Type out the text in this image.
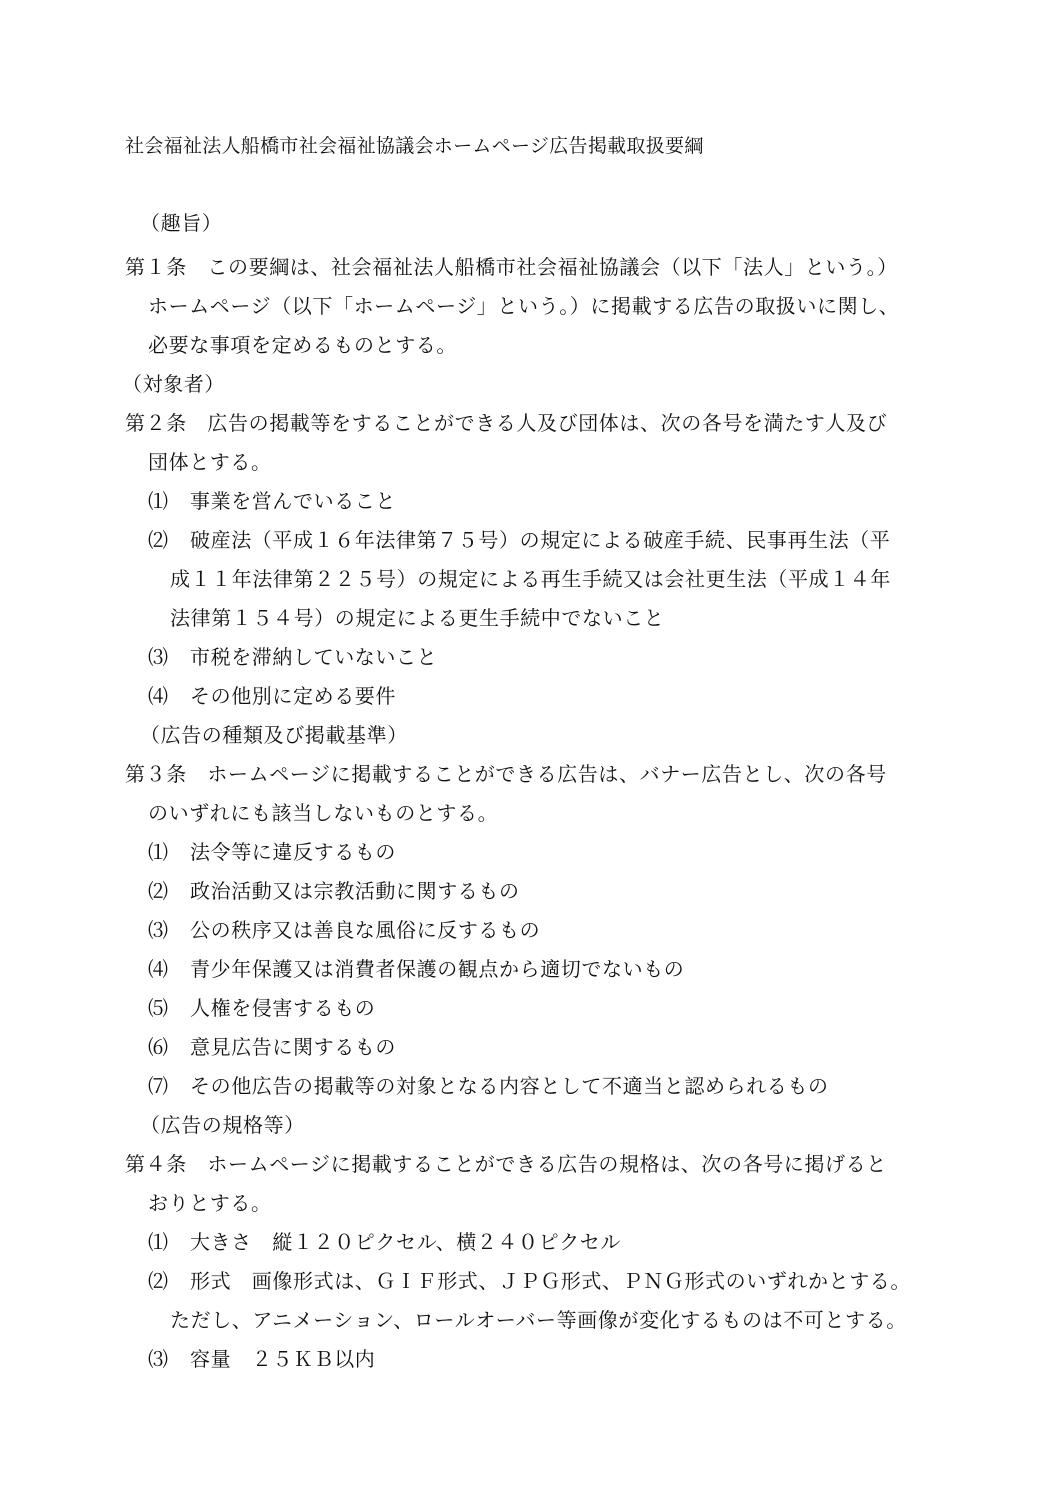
社会福祉法人船橋市社会福祉協議会ホームページ広告掲載取扱要綱
（趣旨）
第１条　この要綱は、社会福祉法人船橋市社会福祉協議会（以下「法人」という。）
ホームページ（以下「ホームページ」という。）に掲載する広告の取扱いに関し、
必要な事項を定めるものとする。
（対象者）
第２条　広告の掲載等をすることができる人及び団体は、次の各号を満たす人及び
団体とする。
⑴ 事業を営んでいること
⑵ 破産法（平成１６年法律第７５号）の規定による破産手続、民事再生法（平
成１１年法律第２２５号）の規定による再生手続又は会社更生法（平成１４年
法律第１５４号）の規定による更生手続中でないこと
⑶ 市税を滞納していないこと
⑷ その他別に定める要件
（広告の種類及び掲載基準）
第３条　ホームページに掲載することができる広告は、バナー広告とし、次の各号
のいずれにも該当しないものとする。
⑴ 法令等に違反するもの
⑵ 政治活動又は宗教活動に関するもの
⑶ 公の秩序又は善良な風俗に反するもの
⑷ 青少年保護又は消費者保護の観点から適切でないもの
⑸ 人権を侵害するもの
⑹ 意見広告に関するもの
⑺ その他広告の掲載等の対象となる内容として不適当と認められるもの
（広告の規格等）
第４条　ホームページに掲載することができる広告の規格は、次の各号に掲げると
おりとする。
⑴ 大きさ　縦１２０ピクセル、横２４０ピクセル
⑵ 形式　画像形式は、ＧＩＦ形式、ＪＰＧ形式、ＰＮＧ形式のいずれかとする。
ただし、アニメーション、ロールオーバー等画像が変化するものは不可とする。
⑶ 容量　２５ＫＢ以内
